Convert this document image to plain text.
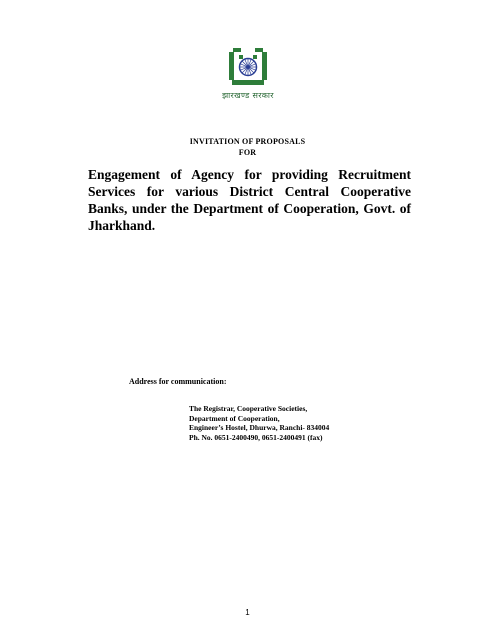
झारखण्ड सरकार
INVITATION OF PROPOSALS
FOR

Engagement of Agency for providing Recruitment Services for various District Central Cooperative Banks, under the Department of Cooperation, Govt. of Jharkhand.

Address for communication:

The Registrar, Cooperative Societies,
Department of Cooperation,
Engineer’s Hostel, Dhurwa, Ranchi- 834004
Ph. No. 0651-2400490, 0651-2400491 (fax)
1
